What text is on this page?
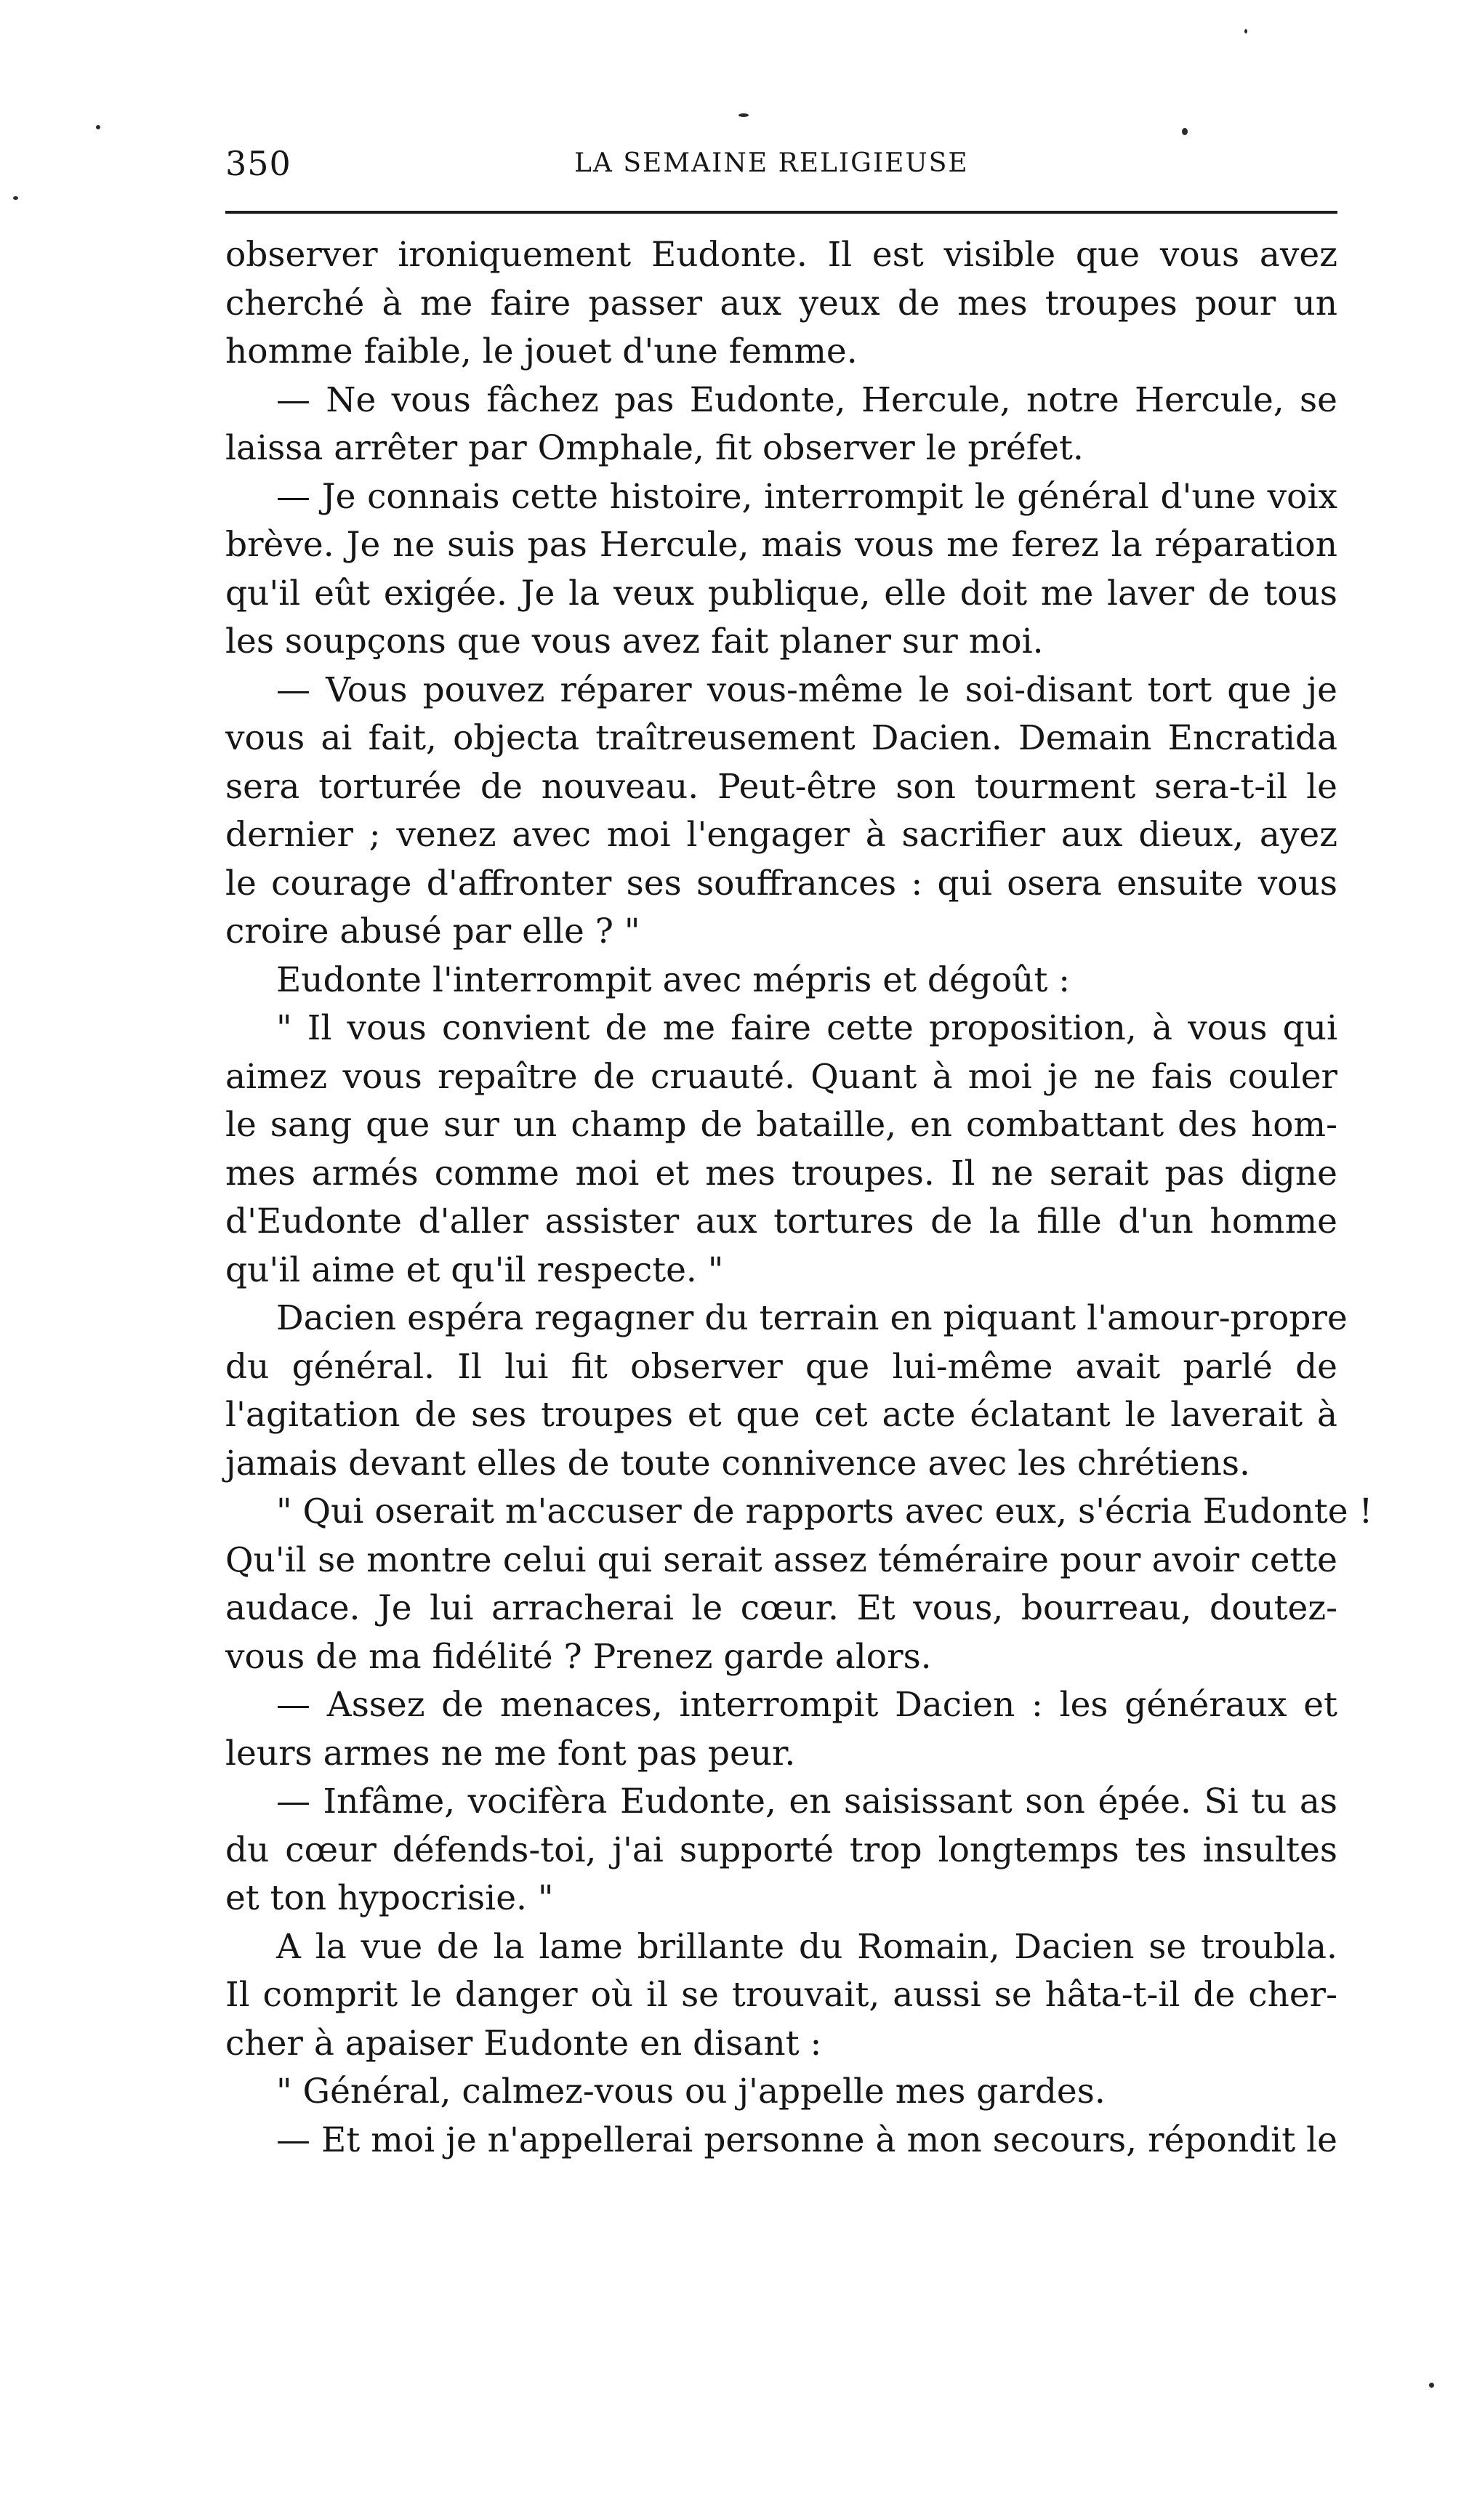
350	LA SEMAINE RELIGIEUSE
observer ironiquement Eudonte. Il est visible que vous avez
cherché à me faire passer aux yeux de mes troupes pour un
homme faible, le jouet d'une femme.
— Ne vous fâchez pas Eudonte, Hercule, notre Hercule, se
laissa arrêter par Omphale, fit observer le préfet.
— Je connais cette histoire, interrompit le général d'une voix
brève. Je ne suis pas Hercule, mais vous me ferez la réparation
qu'il eût exigée. Je la veux publique, elle doit me laver de tous
les soupçons que vous avez fait planer sur moi.
— Vous pouvez réparer vous-même le soi-disant tort que je
vous ai fait, objecta traîtreusement Dacien. Demain Encratida
sera torturée de nouveau. Peut-être son tourment sera-t-il le
dernier ; venez avec moi l'engager à sacrifier aux dieux, ayez
le courage d'affronter ses souffrances : qui osera ensuite vous
croire abusé par elle ? "
Eudonte l'interrompit avec mépris et dégoût :
" Il vous convient de me faire cette proposition, à vous qui
aimez vous repaître de cruauté. Quant à moi je ne fais couler
le sang que sur un champ de bataille, en combattant des hom-
mes armés comme moi et mes troupes. Il ne serait pas digne
d'Eudonte d'aller assister aux tortures de la fille d'un homme
qu'il aime et qu'il respecte. "
Dacien espéra regagner du terrain en piquant l'amour-propre
du général. Il lui fit observer que lui-même avait parlé de
l'agitation de ses troupes et que cet acte éclatant le laverait à
jamais devant elles de toute connivence avec les chrétiens.
" Qui oserait m'accuser de rapports avec eux, s'écria Eudonte !
Qu'il se montre celui qui serait assez téméraire pour avoir cette
audace. Je lui arracherai le cœur. Et vous, bourreau, doutez-
vous de ma fidélité ? Prenez garde alors.
— Assez de menaces, interrompit Dacien : les généraux et
leurs armes ne me font pas peur.
— Infâme, vocifèra Eudonte, en saisissant son épée. Si tu as
du cœur défends-toi, j'ai supporté trop longtemps tes insultes
et ton hypocrisie. "
A la vue de la lame brillante du Romain, Dacien se troubla.
Il comprit le danger où il se trouvait, aussi se hâta-t-il de cher-
cher à apaiser Eudonte en disant :
" Général, calmez-vous ou j'appelle mes gardes.
— Et moi je n'appellerai personne à mon secours, répondit le
